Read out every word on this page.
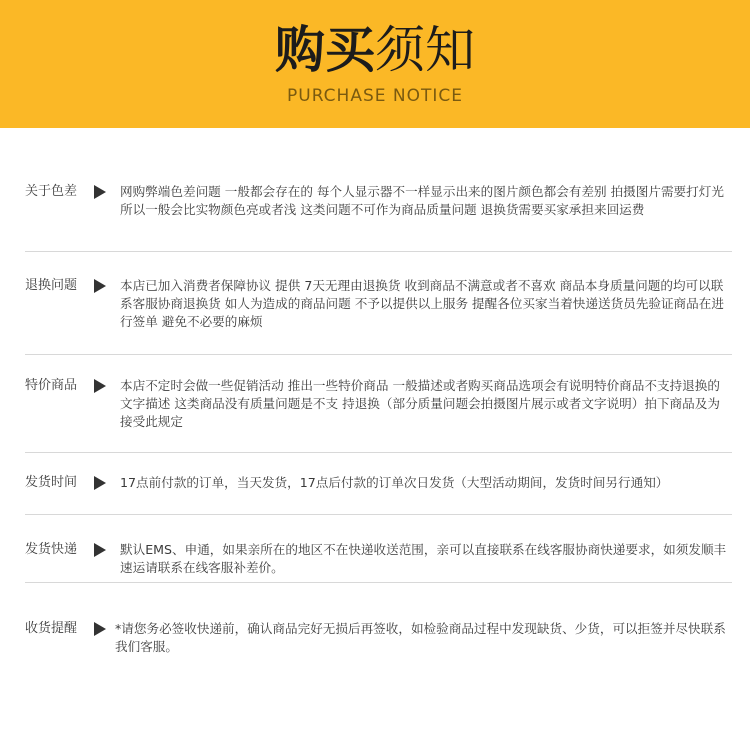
购买须知
PURCHASE NOTICE
关于色差	网购弊端色差问题 一般都会存在的 每个人显示器不一样显示出来的图片颜色都会有差别 拍摄图片需要打灯光 所以一般会比实物颜色亮或者浅 这类问题不可作为商品质量问题 退换货需要买家承担来回运费
退换问题	本店已加入消费者保障协议 提供 7天无理由退换货 收到商品不满意或者不喜欢 商品本身质量问题的均可以联系客服协商退换货 如人为造成的商品问题 不予以提供以上服务 提醒各位买家当着快递送货员先验证商品在进行签单 避免不必要的麻烦
特价商品	本店不定时会做一些促销活动 推出一些特价商品 一般描述或者购买商品选项会有说明特价商品不支持退换的文字描述 这类商品没有质量问题是不支 持退换（部分质量问题会拍摄图片展示或者文字说明）拍下商品及为接受此规定
发货时间	17点前付款的订单，当天发货，17点后付款的订单次日发货（大型活动期间，发货时间另行通知）
发货快递	默认EMS、申通，如果亲所在的地区不在快递收送范围，亲可以直接联系在线客服协商快递要求，如须发顺丰速运请联系在线客服补差价。
收货提醒	*请您务必签收快递前，确认商品完好无损后再签收，如检验商品过程中发现缺货、少货，可以拒签并尽快联系我们客服。
